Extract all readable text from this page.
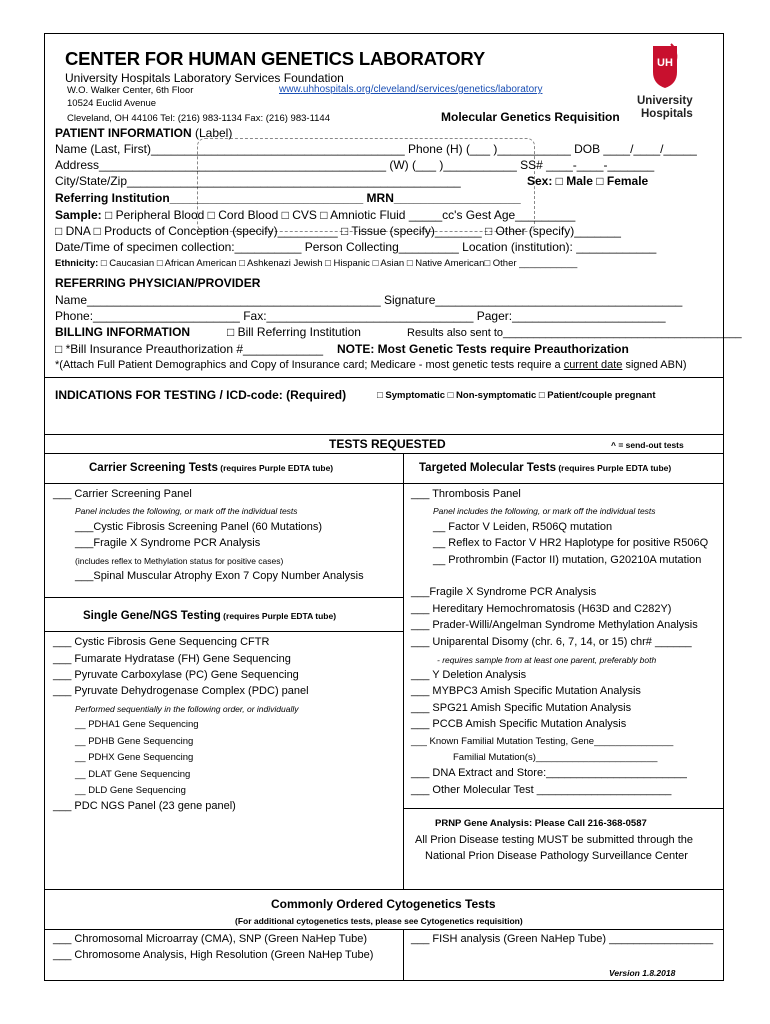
CENTER FOR HUMAN GENETICS LABORATORY
University Hospitals Laboratory Services Foundation
W.O. Walker Center, 6th Floor	www.uhhospitals.org/cleveland/services/genetics/laboratory
10524 Euclid Avenue
Cleveland, OH 44106 Tel: (216) 983-1134 Fax: (216) 983-1144	Molecular Genetics Requisition
UH
University
Hospitals
PATIENT INFORMATION (Label)
Name (Last, First)______________________________________ Phone (H) (___ )___________ DOB ____/____/_____
Address___________________________________________ (W) (___ )___________ SS# ____-____-_______
City/State/Zip__________________________________________________	Sex: □ Male □ Female
Referring Institution_____________________________ MRN___________________
Sample: □ Peripheral Blood □ Cord Blood □ CVS □ Amniotic Fluid _____cc's Gest Age_________
□ DNA □ Products of Conception (specify)_________ □ Tissue (specify)_______ □ Other (specify)_______
Date/Time of specimen collection:__________ Person Collecting_________ Location (institution): ____________
Ethnicity: □ Caucasian □ African American □ Ashkenazi Jewish □ Hispanic □ Asian □ Native American□ Other ___________
REFERRING PHYSICIAN/PROVIDER
Name____________________________________________ Signature_____________________________________
Phone:______________________ Fax:_______________________________ Pager:_______________________
BILLING INFORMATION	□ Bill Referring Institution	Results also sent to_______________________________________
□ *Bill Insurance Preauthorization #____________ NOTE: Most Genetic Tests require Preauthorization
*(Attach Full Patient Demographics and Copy of Insurance card; Medicare - most genetic tests require a current date signed ABN)
INDICATIONS FOR TESTING / ICD-code: (Required)	□ Symptomatic □ Non-symptomatic □ Patient/couple pregnant
TESTS REQUESTED	^ = send-out tests
Carrier Screening Tests (requires Purple EDTA tube)	Targeted Molecular Tests (requires Purple EDTA tube)
___ Carrier Screening Panel
Panel includes the following, or mark off the individual tests
___Cystic Fibrosis Screening Panel (60 Mutations)
___Fragile X Syndrome PCR Analysis
(includes reflex to Methylation status for positive cases)
___Spinal Muscular Atrophy Exon 7 Copy Number Analysis
Single Gene/NGS Testing (requires Purple EDTA tube)
___ Cystic Fibrosis Gene Sequencing CFTR
___ Fumarate Hydratase (FH) Gene Sequencing
___ Pyruvate Carboxylase (PC) Gene Sequencing
___ Pyruvate Dehydrogenase Complex (PDC) panel
Performed sequentially in the following order, or individually
__ PDHA1 Gene Sequencing
__ PDHB Gene Sequencing
__ PDHX Gene Sequencing
__ DLAT Gene Sequencing
__ DLD Gene Sequencing
___ PDC NGS Panel (23 gene panel)
___ Thrombosis Panel
Panel includes the following, or mark off the individual tests
__ Factor V Leiden, R506Q mutation
__ Reflex to Factor V HR2 Haplotype for positive R506Q
__ Prothrombin (Factor II) mutation, G20210A mutation
___Fragile X Syndrome PCR Analysis
___ Hereditary Hemochromatosis (H63D and C282Y)
___ Prader-Willi/Angelman Syndrome Methylation Analysis
___ Uniparental Disomy (chr. 6, 7, 14, or 15) chr# ______
- requires sample from at least one parent, preferably both
___ Y Deletion Analysis
___ MYBPC3 Amish Specific Mutation Analysis
___ SPG21 Amish Specific Mutation Analysis
___ PCCB Amish Specific Mutation Analysis
___ Known Familial Mutation Testing, Gene_______________
Familial Mutation(s)_______________________
___ DNA Extract and Store:_______________________
___ Other Molecular Test ______________________
PRNP Gene Analysis: Please Call 216-368-0587
All Prion Disease testing MUST be submitted through the
National Prion Disease Pathology Surveillance Center
Commonly Ordered Cytogenetics Tests
(For additional cytogenetics tests, please see Cytogenetics requisition)
___ Chromosomal Microarray (CMA), SNP (Green NaHep Tube)
___ Chromosome Analysis, High Resolution (Green NaHep Tube)
___ FISH analysis (Green NaHep Tube) _________________
Version 1.8.2018
